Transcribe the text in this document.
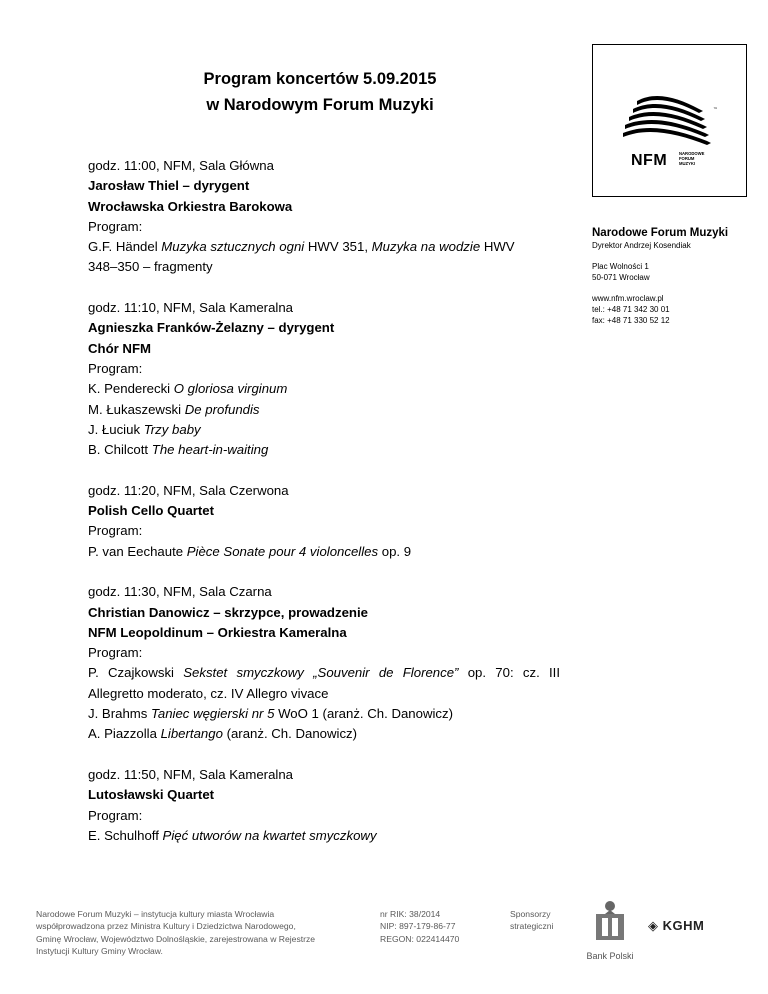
Program koncertów 5.09.2015
w Narodowym Forum Muzyki
godz. 11:00, NFM, Sala Główna
Jarosław Thiel – dyrygent
Wrocławska Orkiestra Barokowa
Program:
G.F. Händel Muzyka sztucznych ogni HWV 351, Muzyka na wodzie HWV
348–350 – fragmenty
godz. 11:10, NFM, Sala Kameralna
Agnieszka Franków-Żelazny – dyrygent
Chór NFM
Program:
K. Penderecki O gloriosa virginum
M. Łukaszewski De profundis
J. Łuciuk Trzy baby
B. Chilcott The heart-in-waiting
godz. 11:20, NFM, Sala Czerwona
Polish Cello Quartet
Program:
P. van Eechaute Pièce Sonate pour 4 violoncelles op. 9
godz. 11:30, NFM, Sala Czarna
Christian Danowicz – skrzypce, prowadzenie
NFM Leopoldinum – Orkiestra Kameralna
Program:
P. Czajkowski Sekstet smyczkowy „Souvenir de Florence” op. 70: cz. III
Allegretto moderato, cz. IV Allegro vivace
J. Brahms Taniec węgierski nr 5 WoO 1 (aranż. Ch. Danowicz)
A. Piazzolla Libertango (aranż. Ch. Danowicz)
godz. 11:50, NFM, Sala Kameralna
Lutosławski Quartet
Program:
E. Schulhoff Pięć utworów na kwartet smyczkowy
™
NFM	NARODOWE
FORUM
MUZYKI
Narodowe Forum Muzyki
Dyrektor Andrzej Kosendiak
Plac Wolności 1
50-071 Wrocław
www.nfm.wroclaw.pl
tel.: +48 71 342 30 01
fax: +48 71 330 52 12
Narodowe Forum Muzyki – instytucja kultury miasta Wrocławia
współprowadzona przez Ministra Kultury i Dziedzictwa Narodowego,
Gminę Wrocław, Województwo Dolnośląskie, zarejestrowana w Rejestrze
Instytucji Kultury Gminy Wrocław.
nr RIK: 38/2014
NIP: 897-179-86-77
REGON: 022414470
Sponsorzy
strategiczni
Bank Polski
◈ KGHM
